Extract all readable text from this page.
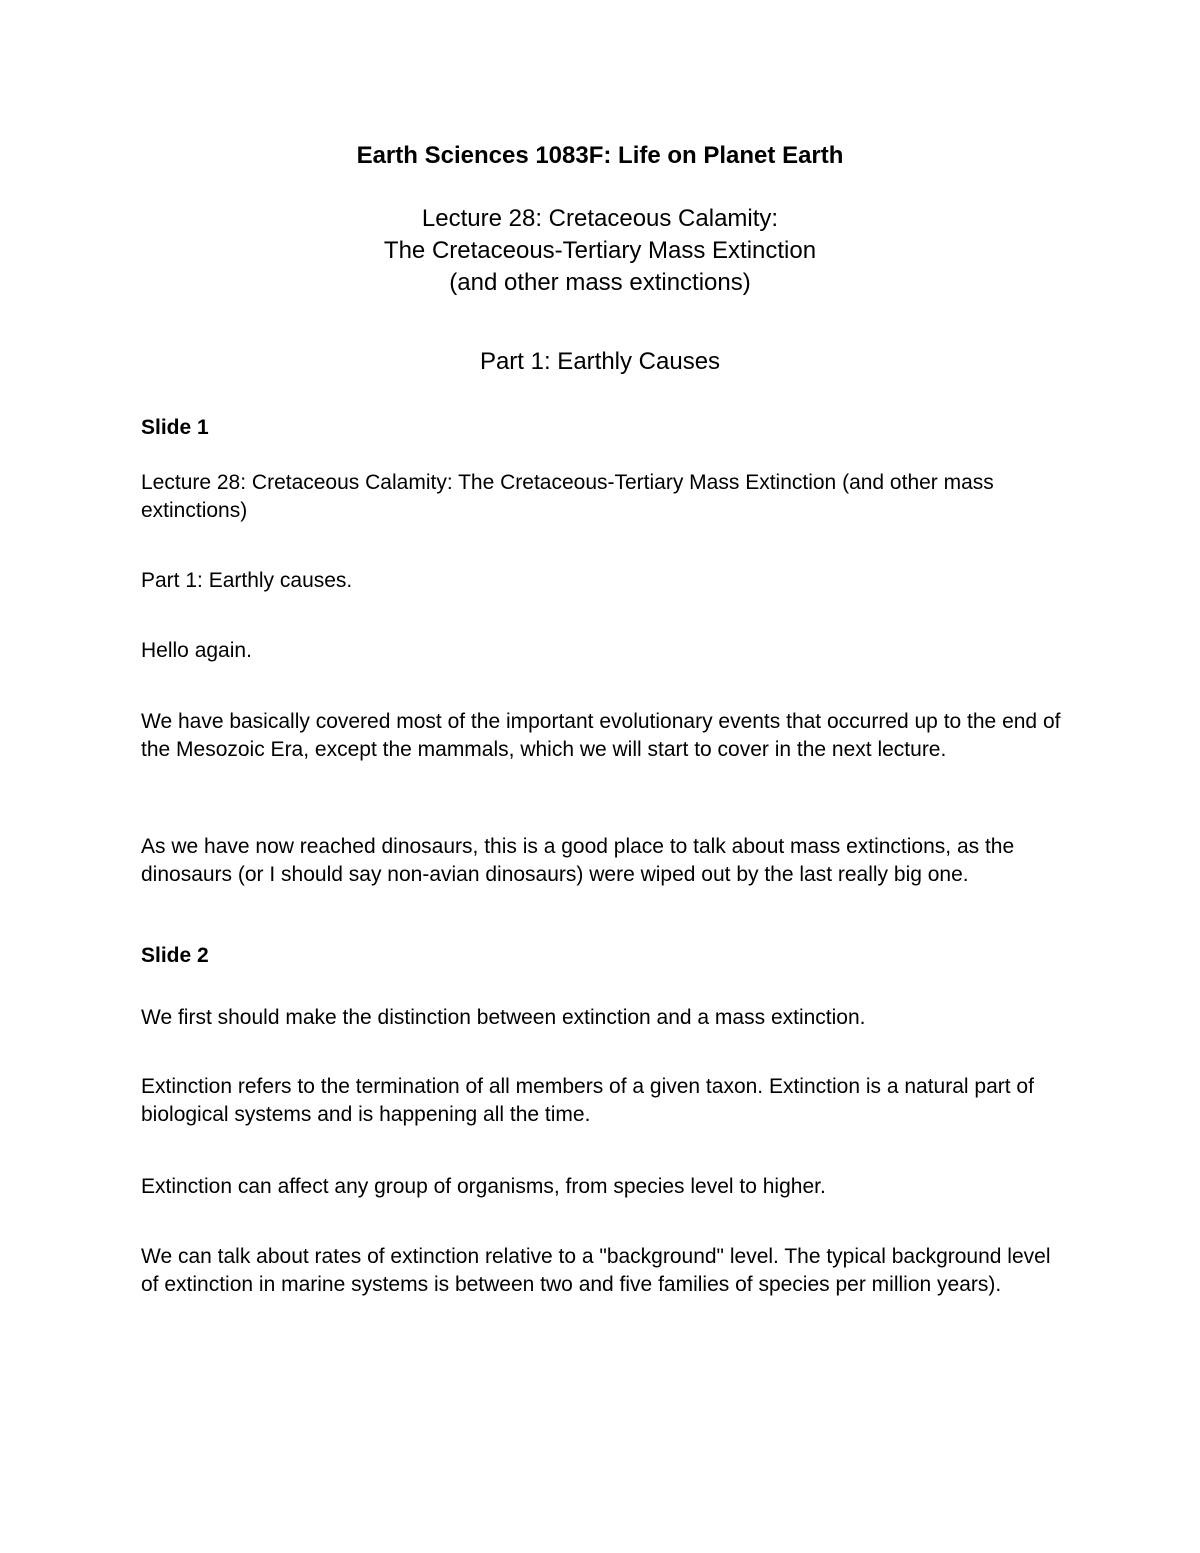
Earth Sciences 1083F: Life on Planet Earth
Lecture 28: Cretaceous Calamity:
The Cretaceous-Tertiary Mass Extinction
(and other mass extinctions)
Part 1: Earthly Causes
Slide 1

Lecture 28: Cretaceous Calamity: The Cretaceous-Tertiary Mass Extinction (and other mass extinctions)

Part 1: Earthly causes.

Hello again.

We have basically covered most of the important evolutionary events that occurred up to the end of the Mesozoic Era, except the mammals, which we will start to cover in the next lecture.

As we have now reached dinosaurs, this is a good place to talk about mass extinctions, as the dinosaurs (or I should say non-avian dinosaurs) were wiped out by the last really big one.

Slide 2

We first should make the distinction between extinction and a mass extinction.

Extinction refers to the termination of all members of a given taxon. Extinction is a natural part of biological systems and is happening all the time.

Extinction can affect any group of organisms, from species level to higher.

We can talk about rates of extinction relative to a "background" level. The typical background level of extinction in marine systems is between two and five families of species per million years).
